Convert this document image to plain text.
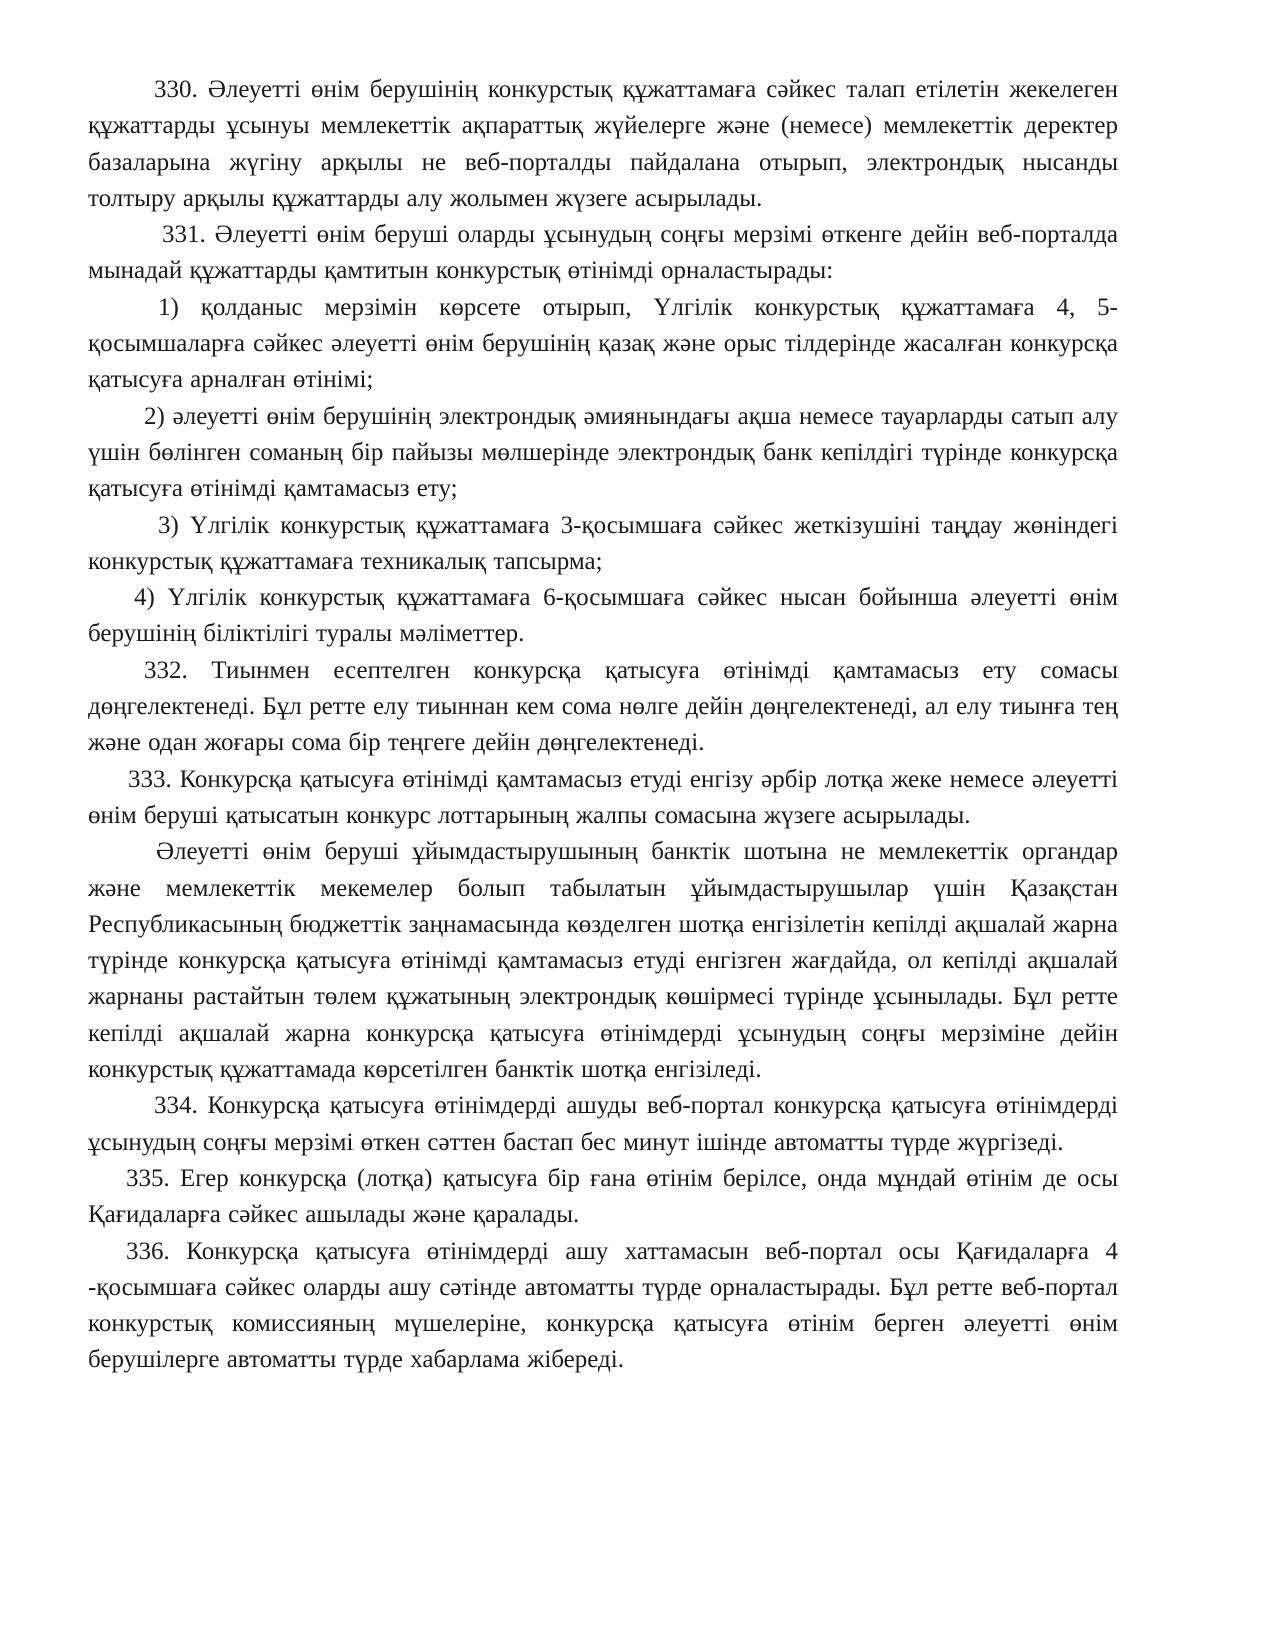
330. Әлеуетті өнім берушінің конкурстық құжаттамаға сәйкес талап етілетін жекелеген құжаттарды ұсынуы мемлекеттік ақпараттық жүйелерге және (немесе) мемлекеттік деректер базаларына жүгіну арқылы не веб-порталды пайдалана отырып, электрондық нысанды толтыру арқылы құжаттарды алу жолымен жүзеге асырылады.

331. Әлеуетті өнім беруші оларды ұсынудың соңғы мерзімі өткенге дейін веб-порталда мынадай құжаттарды қамтитын конкурстық өтінімді орналастырады:

1) қолданыс мерзімін көрсете отырып, Үлгілік конкурстық құжаттамаға 4, 5-қосымшаларға сәйкес әлеуетті өнім берушінің қазақ және орыс тілдерінде жасалған конкурсқа қатысуға арналған өтінімі;

2) әлеуетті өнім берушінің электрондық әмиянындағы ақша немесе тауарларды сатып алу үшін бөлінген соманың бір пайызы мөлшерінде электрондық банк кепілдігі түрінде конкурсқа қатысуға өтінімді қамтамасыз ету;

3) Үлгілік конкурстық құжаттамаға 3-қосымшаға сәйкес жеткізушіні таңдау жөніндегі конкурстық құжаттамаға техникалық тапсырма;

4) Үлгілік конкурстық құжаттамаға 6-қосымшаға сәйкес нысан бойынша әлеуетті өнім берушінің біліктілігі туралы мәліметтер.

332. Тиынмен есептелген конкурсқа қатысуға өтінімді қамтамасыз ету сомасы дөңгелектенеді. Бұл ретте елу тиыннан кем сома нөлге дейін дөңгелектенеді, ал елу тиынға тең және одан жоғары сома бір теңгеге дейін дөңгелектенеді.

333. Конкурсқа қатысуға өтінімді қамтамасыз етуді енгізу әрбір лотқа жеке немесе әлеуетті өнім беруші қатысатын конкурс лоттарының жалпы сомасына жүзеге асырылады.

Әлеуетті өнім беруші ұйымдастырушының банктік шотына не мемлекеттік органдар және мемлекеттік мекемелер болып табылатын ұйымдастырушылар үшін Қазақстан Республикасының бюджеттік заңнамасында көзделген шотқа енгізілетін кепілді ақшалай жарна түрінде конкурсқа қатысуға өтінімді қамтамасыз етуді енгізген жағдайда, ол кепілді ақшалай жарнаны растайтын төлем құжатының электрондық көшірмесі түрінде ұсынылады. Бұл ретте кепілді ақшалай жарна конкурсқа қатысуға өтінімдерді ұсынудың соңғы мерзіміне дейін конкурстық құжаттамада көрсетілген банктік шотқа енгізіледі.

334. Конкурсқа қатысуға өтінімдерді ашуды веб-портал конкурсқа қатысуға өтінімдерді ұсынудың соңғы мерзімі өткен сәттен бастап бес минут ішінде автоматты түрде жүргізеді.

335. Егер конкурсқа (лотқа) қатысуға бір ғана өтінім берілсе, онда мұндай өтінім де осы Қағидаларға сәйкес ашылады және қаралады.

336. Конкурсқа қатысуға өтінімдерді ашу хаттамасын веб-портал осы Қағидаларға 4 -қосымшаға сәйкес оларды ашу сәтінде автоматты түрде орналастырады. Бұл ретте веб-портал конкурстық комиссияның мүшелеріне, конкурсқа қатысуға өтінім берген әлеуетті өнім берушілерге автоматты түрде хабарлама жібереді.
